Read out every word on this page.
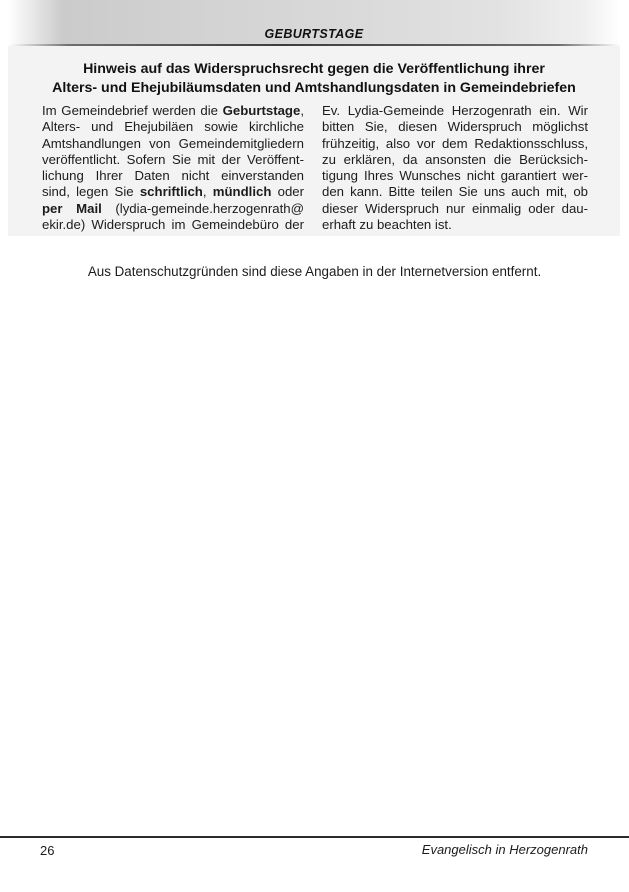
GEBURTSTAGE
Hinweis auf das Widerspruchsrecht gegen die Veröffentlichung ihrer
Alters- und Ehejubiläumsdaten und Amtshandlungsdaten in Gemeindebriefen
Im Gemeindebrief werden die Geburtstage,
Alters- und Ehejubiläen sowie kirchliche
Amtshandlungen von Gemeindemitgliedern
veröffentlicht. Sofern Sie mit der Veröffent-
lichung Ihrer Daten nicht einverstanden
sind, legen Sie schriftlich, mündlich oder
per Mail (lydia-gemeinde.herzogenrath@
ekir.de) Widerspruch im Gemeindebüro der
Ev. Lydia-Gemeinde Herzogenrath ein. Wir
bitten Sie, diesen Widerspruch möglichst
frühzeitig, also vor dem Redaktionsschluss,
zu erklären, da ansonsten die Berücksich-
tigung Ihres Wunsches nicht garantiert wer-
den kann. Bitte teilen Sie uns auch mit, ob
dieser Widerspruch nur einmalig oder dau-
erhaft zu beachten ist.
Aus Datenschutzgründen sind diese Angaben in der Internetversion entfernt.
26	Evangelisch in Herzogenrath
